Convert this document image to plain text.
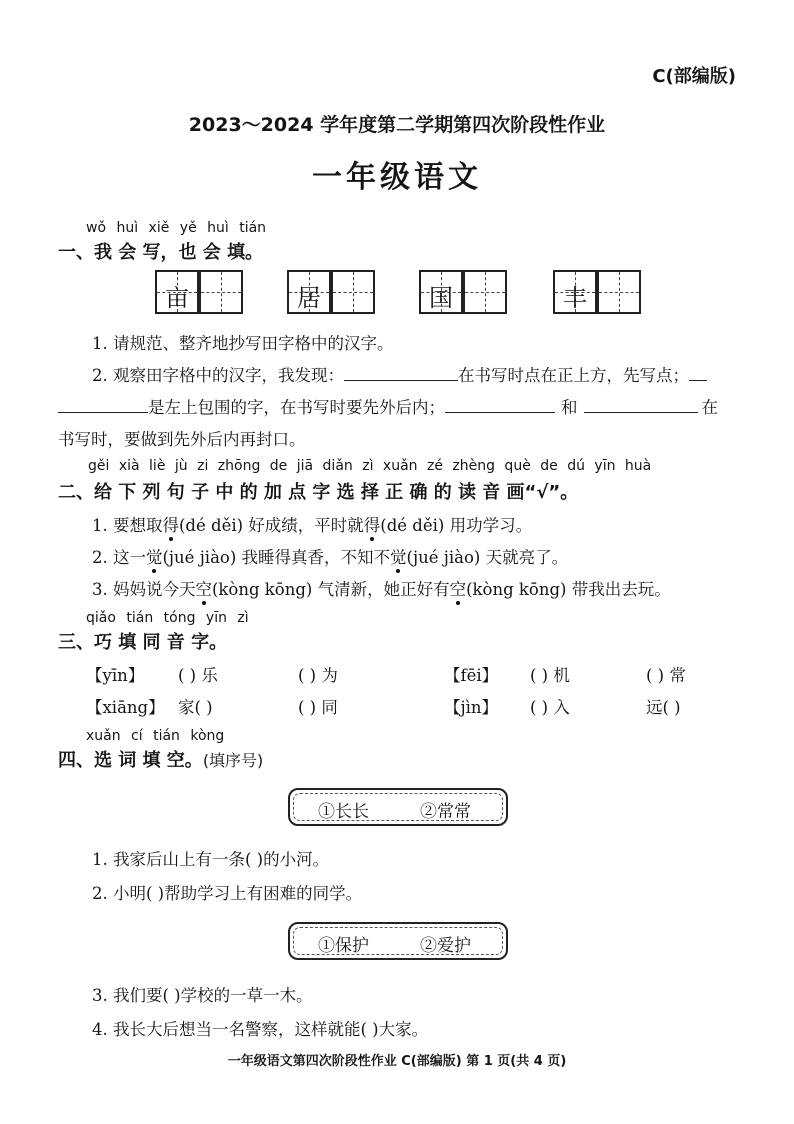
C(部编版)
2023～2024 学年度第二学期第四次阶段性作业
一年级语文
wǒ huì xiě yě huì tián
一、我 会 写，也 会 填。
亩	居	国	丰
1. 请规范、整齐地抄写田字格中的汉字。
2. 观察田字格中的汉字，我发现：	在书写时点在正上方，先写点；
是左上包围的字，在书写时要先外后内；	和	在
书写时，要做到先外后内再封口。
gěi xià liè jù zi zhōng de jiā diǎn zì xuǎn zé zhèng què de dú yīn huà
二、给 下 列 句 子 中 的 加 点 字 选 择 正 确 的 读 音 画“√”。
1. 要想取得(dé děi) 好成绩，平时就得(dé děi) 用功学习。
2. 这一觉(jué jiào) 我睡得真香，不知不觉(jué jiào) 天就亮了。
3. 妈妈说今天空(kòng kōng) 气清新，她正好有空(kòng kōng) 带我出去玩。
qiǎo tián tóng yīn zì
三、巧 填 同 音 字。
【yīn】 ( ) 乐	( ) 为	【fēi】 ( ) 机	( ) 常
【xiāng】 家( )	( ) 同	【jìn】 ( ) 入	远( )
xuǎn cí tián kòng
四、选 词 填 空。(填序号)
①长长	②常常
1. 我家后山上有一条( )的小河。
2. 小明( )帮助学习上有困难的同学。
①保护	②爱护
3. 我们要( )学校的一草一木。
4. 我长大后想当一名警察，这样就能( )大家。
一年级语文第四次阶段性作业 C(部编版) 第 1 页(共 4 页)
